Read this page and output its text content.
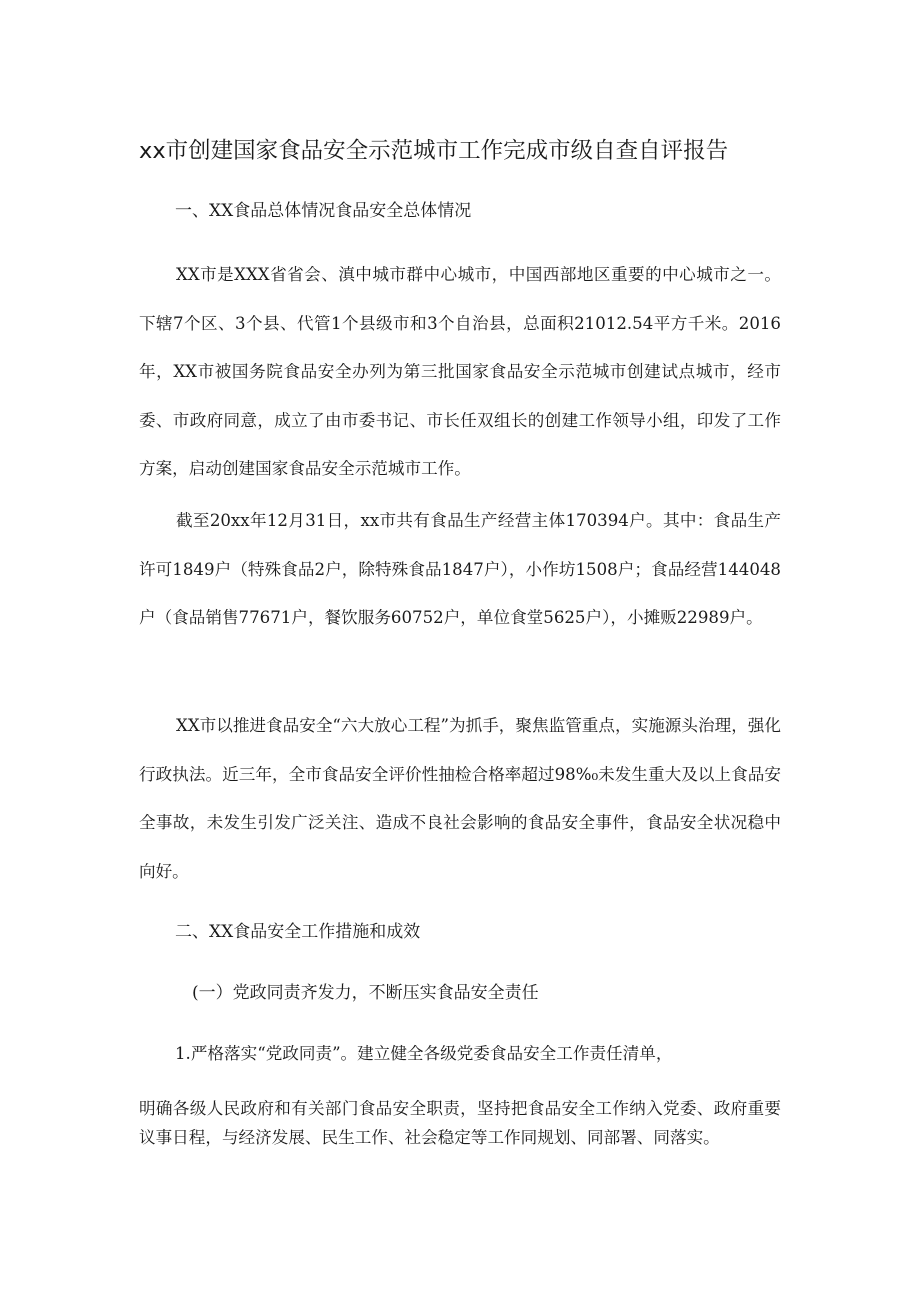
xx市创建国家食品安全示范城市工作完成市级自查自评报告
一、XX食品总体情况食品安全总体情况

XX市是XXX省省会、滇中城市群中心城市，中国西部地区重要的中心城市之一。下辖7个区、3个县、代管1个县级市和3个自治县，总面积21012.54平方千米。2016年，XX市被国务院食品安全办列为第三批国家食品安全示范城市创建试点城市，经市委、市政府同意，成立了由市委书记、市长任双组长的创建工作领导小组，印发了工作方案，启动创建国家食品安全示范城市工作。

截至20xx年12月31日，xx市共有食品生产经营主体170394户。其中：食品生产许可1849户（特殊食品2户，除特殊食品1847户），小作坊1508户；食品经营144048户（食品销售77671户，餐饮服务60752户，单位食堂5625户），小摊贩22989户。

XX市以推进食品安全“六大放心工程”为抓手，聚焦监管重点，实施源头治理，强化行政执法。近三年，全市食品安全评价性抽检合格率超过98%₀未发生重大及以上食品安全事故，未发生引发广泛关注、造成不良社会影响的食品安全事件，食品安全状况稳中向好。

二、XX食品安全工作措施和成效
(一）党政同责齐发力，不断压实食品安全责任

1.严格落实“党政同责”。建立健全各级党委食品安全工作责任清单，

明确各级人民政府和有关部门食品安全职责，坚持把食品安全工作纳入党委、政府重要议事日程，与经济发展、民生工作、社会稳定等工作同规划、同部署、同落实。
